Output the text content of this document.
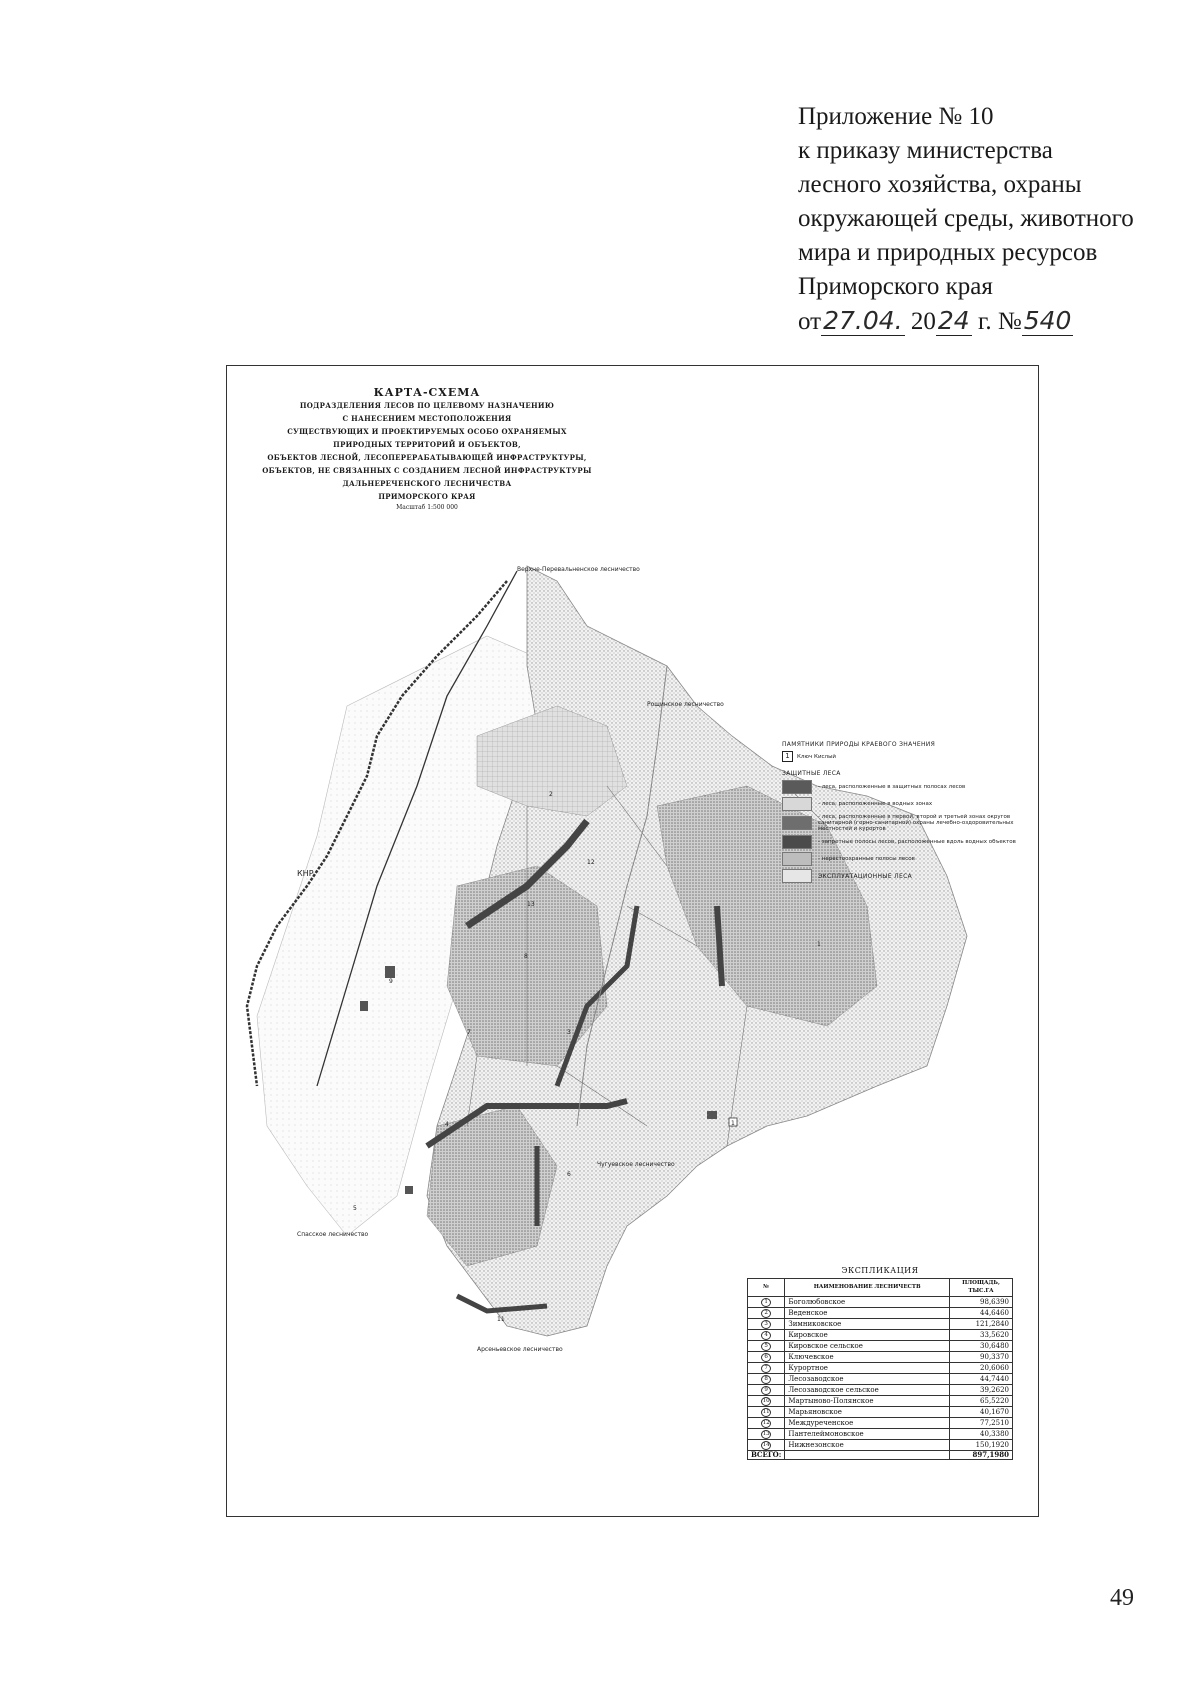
Приложение № 10
к приказу министерства
лесного хозяйства, охраны
окружающей среды, животного
мира и природных ресурсов
Приморского края
от27.04. 2024 г. №540
2
12
13
8
9
7	3
1
4
5
6
11
1
Верхне-Перевальненское лесничество
Рощинское лесничество
Чугуевское лесничество
Спасское лесничество
Арсеньевское лесничество
КНР
КАРТА-СХЕМА
ПОДРАЗДЕЛЕНИЯ ЛЕСОВ ПО ЦЕЛЕВОМУ НАЗНАЧЕНИЮ
С НАНЕСЕНИЕМ МЕСТОПОЛОЖЕНИЯ
СУЩЕСТВУЮЩИХ И ПРОЕКТИРУЕМЫХ ОСОБО ОХРАНЯЕМЫХ
ПРИРОДНЫХ ТЕРРИТОРИЙ И ОБЪЕКТОВ,
ОБЪЕКТОВ ЛЕСНОЙ, ЛЕСОПЕРЕРАБАТЫВАЮЩЕЙ ИНФРАСТРУКТУРЫ,
ОБЪЕКТОВ, НЕ СВЯЗАННЫХ С СОЗДАНИЕМ ЛЕСНОЙ ИНФРАСТРУКТУРЫ
ДАЛЬНЕРЕЧЕНСКОГО ЛЕСНИЧЕСТВА
ПРИМОРСКОГО КРАЯ
Масштаб 1:500 000
ПАМЯТНИКИ ПРИРОДЫ КРАЕВОГО ЗНАЧЕНИЯ
1	Ключ Кислый
ЗАЩИТНЫЕ ЛЕСА
- леса, расположенные в защитных полосах лесов
- леса, расположенные в водных зонах
- леса, расположенные в первой, второй и третьей зонах округов санитарной (горно-санитарной) охраны лечебно-оздоровительных местностей и курортов
- запретные полосы лесов, расположенные вдоль водных объектов
- нерестоохранные полосы лесов
ЭКСПЛУАТАЦИОННЫЕ ЛЕСА
ЭКСПЛИКАЦИЯ
№	НАИМЕНОВАНИЕ ЛЕСНИЧЕСТВ	ПЛОЩАДЬ, ТЫС.ГА
1	Боголюбовское	98,6390
2	Веденское	44,6460
3	Зимниковское	121,2840
4	Кировское	33,5620
5	Кировское сельское	30,6480
6	Ключевское	90,3370
7	Курортное	20,6060
8	Лесозаводское	44,7440
9	Лесозаводское сельское	39,2620
10	Мартыново-Полянское	65,5220
11	Марьяновское	40,1670
12	Междуреченское	77,2510
13	Пантелеймоновское	40,3380
14	Нижнезонское	150,1920
ВСЕГО:		897,1980
49
